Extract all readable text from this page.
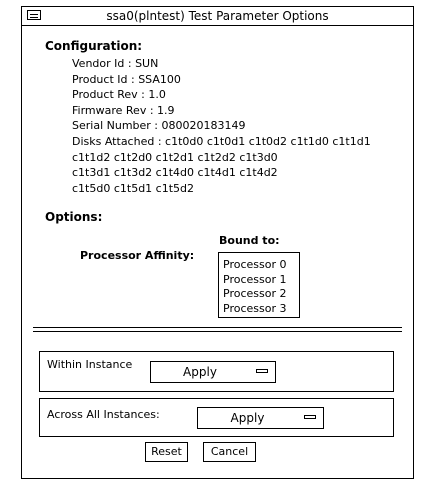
ssa0(plntest) Test Parameter Options
Configuration:
Vendor Id : SUN
Product Id : SSA100
Product Rev : 1.0
Firmware Rev : 1.9
Serial Number : 080020183149
Disks Attached : c1t0d0 c1t0d1 c1t0d2 c1t1d0 c1t1d1
c1t1d2 c1t2d0 c1t2d1 c1t2d2 c1t3d0
c1t3d1 c1t3d2 c1t4d0 c1t4d1 c1t4d2
c1t5d0 c1t5d1 c1t5d2
Options:
Bound to:
Processor Affinity:
Processor 0
Processor 1
Processor 2
Processor 3
Within Instance
Apply
Across All Instances:	Apply
Reset	Cancel
